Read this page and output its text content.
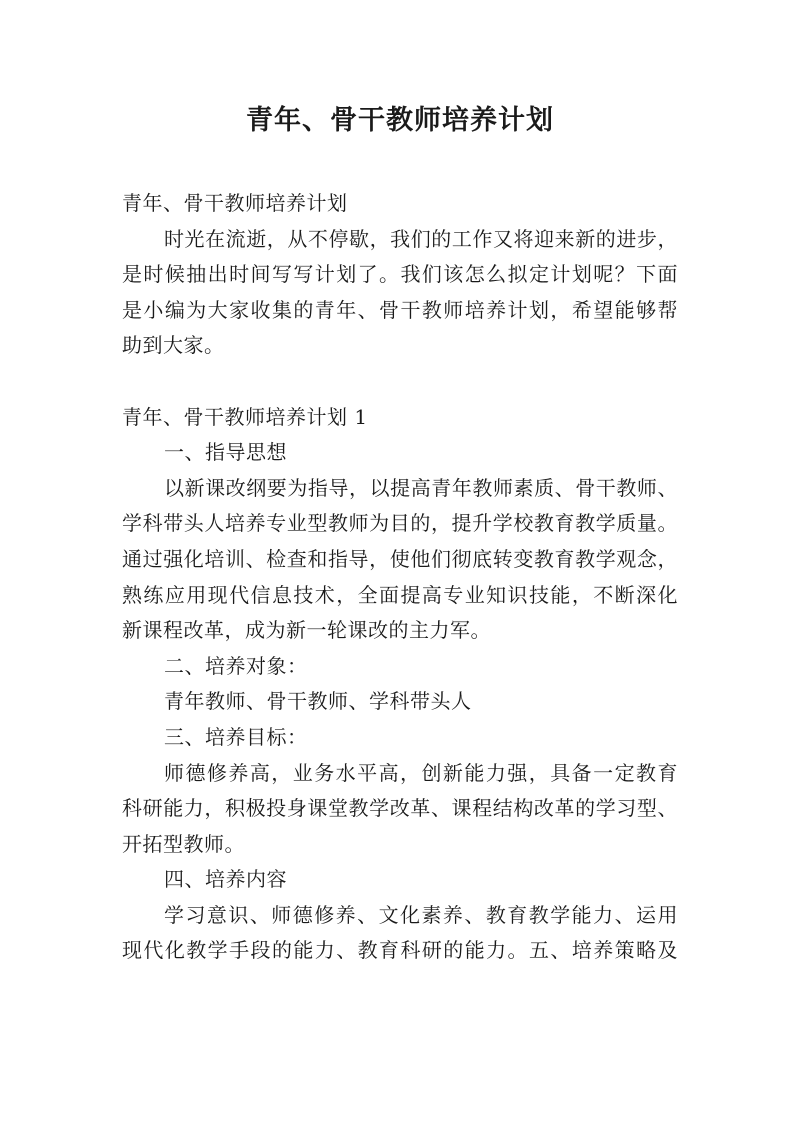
青年、骨干教师培养计划
青年、骨干教师培养计划
时光在流逝，从不停歇，我们的工作又将迎来新的进步，
是时候抽出时间写写计划了。我们该怎么拟定计划呢？下面
是小编为大家收集的青年、骨干教师培养计划，希望能够帮
助到大家。
青年、骨干教师培养计划 1
一、指导思想
以新课改纲要为指导，以提高青年教师素质、骨干教师、
学科带头人培养专业型教师为目的，提升学校教育教学质量。
通过强化培训、检查和指导，使他们彻底转变教育教学观念，
熟练应用现代信息技术，全面提高专业知识技能，不断深化
新课程改革，成为新一轮课改的主力军。
二、培养对象：
青年教师、骨干教师、学科带头人
三、培养目标：
师德修养高，业务水平高，创新能力强，具备一定教育
科研能力，积极投身课堂教学改革、课程结构改革的学习型、
开拓型教师。
四、培养内容
学习意识、师德修养、文化素养、教育教学能力、运用
现代化教学手段的能力、教育科研的能力。五、培养策略及
